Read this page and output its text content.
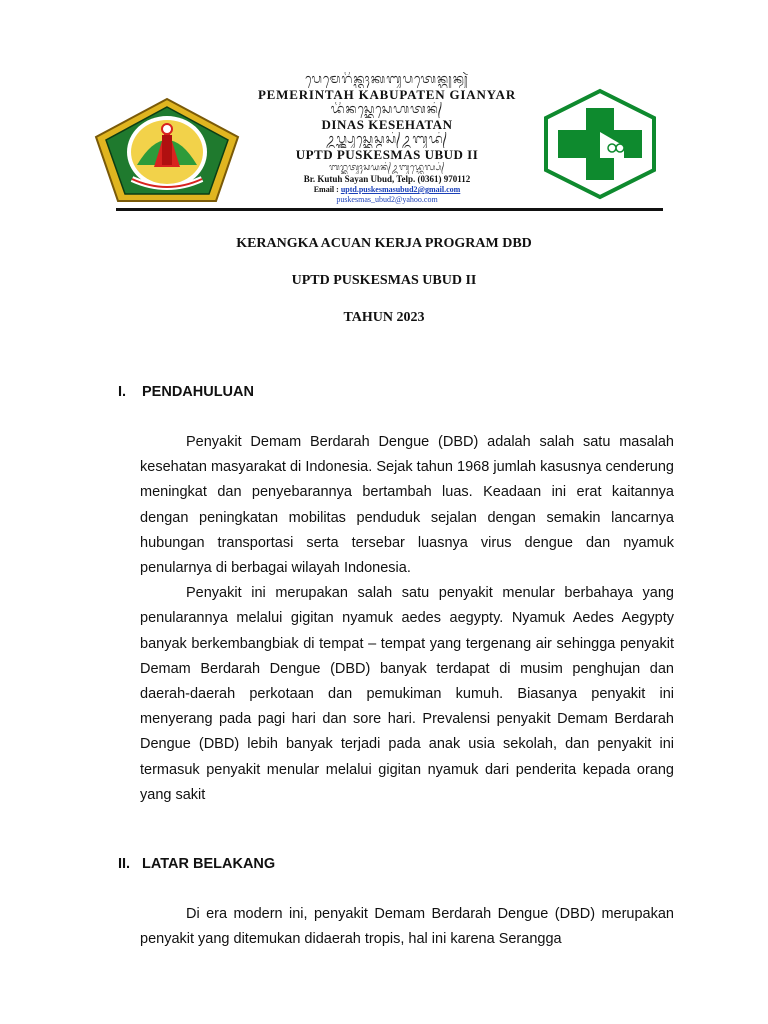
ᬧᬾᬫᬾᬭᬶᬦ᭄ᬢᬄᬓᬩᬸᬧᬢᬾᬦ᭄ᬕ᭄ᬬᬦ᭄ᬬᬃ
PEMERINTAH KABUPATEN GIANYAR
ᬤᬶᬦᬲ᭄ᬓᬾᬲᬾᬳᬢᬦ᭄
DINAS KESEHATAN
ᬉᬧ᭄ᬢ᭄ᬤ᭄ᬧᬸᬲ᭄ᬓᬾᬲ᭄ᬫᬲ᭄ᬉᬩᬸᬤ᭄
UPTD PUSKESMAS UBUD II
ᬩᬭ᭄ᬓᬸᬢᬸᬄᬲᬬᬦ᭄ᬉᬩᬸᬤ᭄ᬢᬾᬮ᭄ᬧ᭄
Br. Kutuh Sayan Ubud, Telp. (0361) 970112
Email : uptd.puskesmasubud2@gmail.com
puskesmas_ubud2@yahoo.com
KERANGKA ACUAN KERJA PROGRAM DBD
UPTD PUSKESMAS UBUD II
TAHUN 2023
I. PENDAHULUAN

Penyakit Demam Berdarah Dengue (DBD) adalah salah satu masalah kesehatan masyarakat di Indonesia. Sejak tahun 1968 jumlah kasusnya cenderung meningkat dan penyebarannya bertambah luas. Keadaan ini erat kaitannya dengan peningkatan mobilitas penduduk sejalan dengan semakin lancarnya hubungan transportasi serta tersebar luasnya virus dengue dan nyamuk penularnya di berbagai wilayah Indonesia.

Penyakit ini merupakan salah satu penyakit menular berbahaya yang penularannya melalui gigitan nyamuk aedes aegypty. Nyamuk Aedes Aegypty banyak berkembangbiak di tempat – tempat yang tergenang air sehingga penyakit Demam Berdarah Dengue (DBD) banyak terdapat di musim penghujan dan daerah-daerah perkotaan dan pemukiman kumuh. Biasanya penyakit ini menyerang pada pagi hari dan sore hari. Prevalensi penyakit Demam Berdarah Dengue (DBD) lebih banyak terjadi pada anak usia sekolah, dan penyakit ini termasuk penyakit menular melalui gigitan nyamuk dari penderita kepada orang yang sakit

II. LATAR BELAKANG

Di era modern ini, penyakit Demam Berdarah Dengue (DBD) merupakan penyakit yang ditemukan didaerah tropis, hal ini karena Serangga
